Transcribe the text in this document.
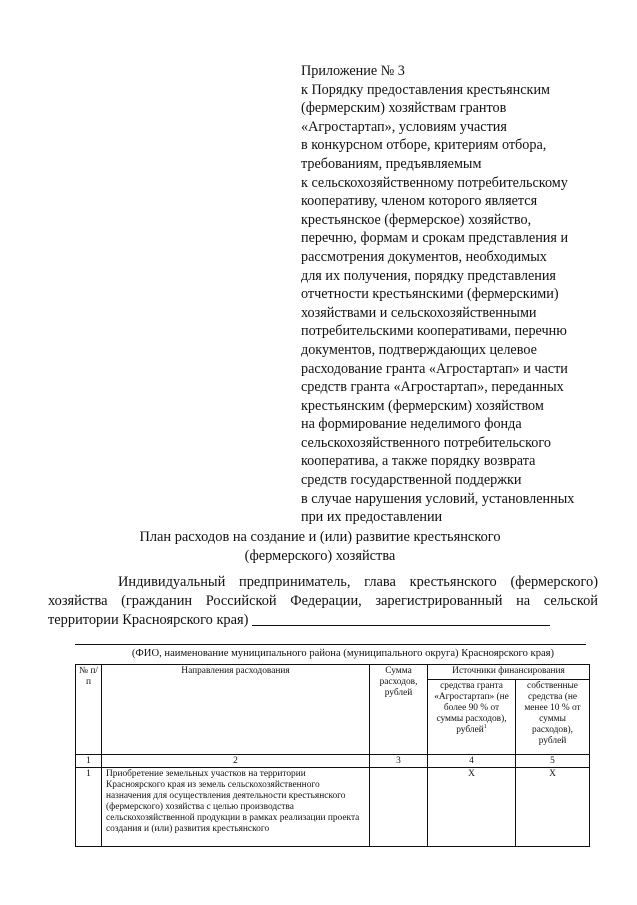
Приложение № 3
к Порядку предоставления крестьянским
(фермерским) хозяйствам грантов
«Агростартап», условиям участия
в конкурсном отборе, критериям отбора,
требованиям, предъявляемым
к сельскохозяйственному потребительскому
кооперативу, членом которого является
крестьянское (фермерское) хозяйство,
перечню, формам и срокам представления и
рассмотрения документов, необходимых
для их получения, порядку представления
отчетности крестьянскими (фермерскими)
хозяйствами и сельскохозяйственными
потребительскими кооперативами, перечню
документов, подтверждающих целевое
расходование гранта «Агростартап» и части
средств гранта «Агростартап», переданных
крестьянским (фермерским) хозяйством
на формирование неделимого фонда
сельскохозяйственного потребительского
кооператива, а также порядку возврата
средств государственной поддержки
в случае нарушения условий, установленных
при их предоставлении
План расходов на создание и (или) развитие крестьянского
(фермерского) хозяйства
Индивидуальный предприниматель, глава крестьянского (фермерского)
хозяйства (гражданин Российской Федерации, зарегистрированный на сельской
территории Красноярского края)
(ФИО, наименование муниципального района (муниципального округа) Красноярского края)
№ п/п	Направления расходования	Сумма расходов, рублей	Источники финансирования	
			средства гранта «Агростартап» (не более 90 % от суммы расходов), рублей$^1$	собственные средства (не менее 10 % от суммы расходов), рублей
1	2	3	4	5
1	Приобретение земельных участков на территории Красноярского края из земель сельскохозяйственного назначения для осуществления деятельности крестьянского (фермерского) хозяйства с целью производства сельскохозяйственной продукции в рамках реализации проекта создания и (или) развития крестьянского		Х	Х
